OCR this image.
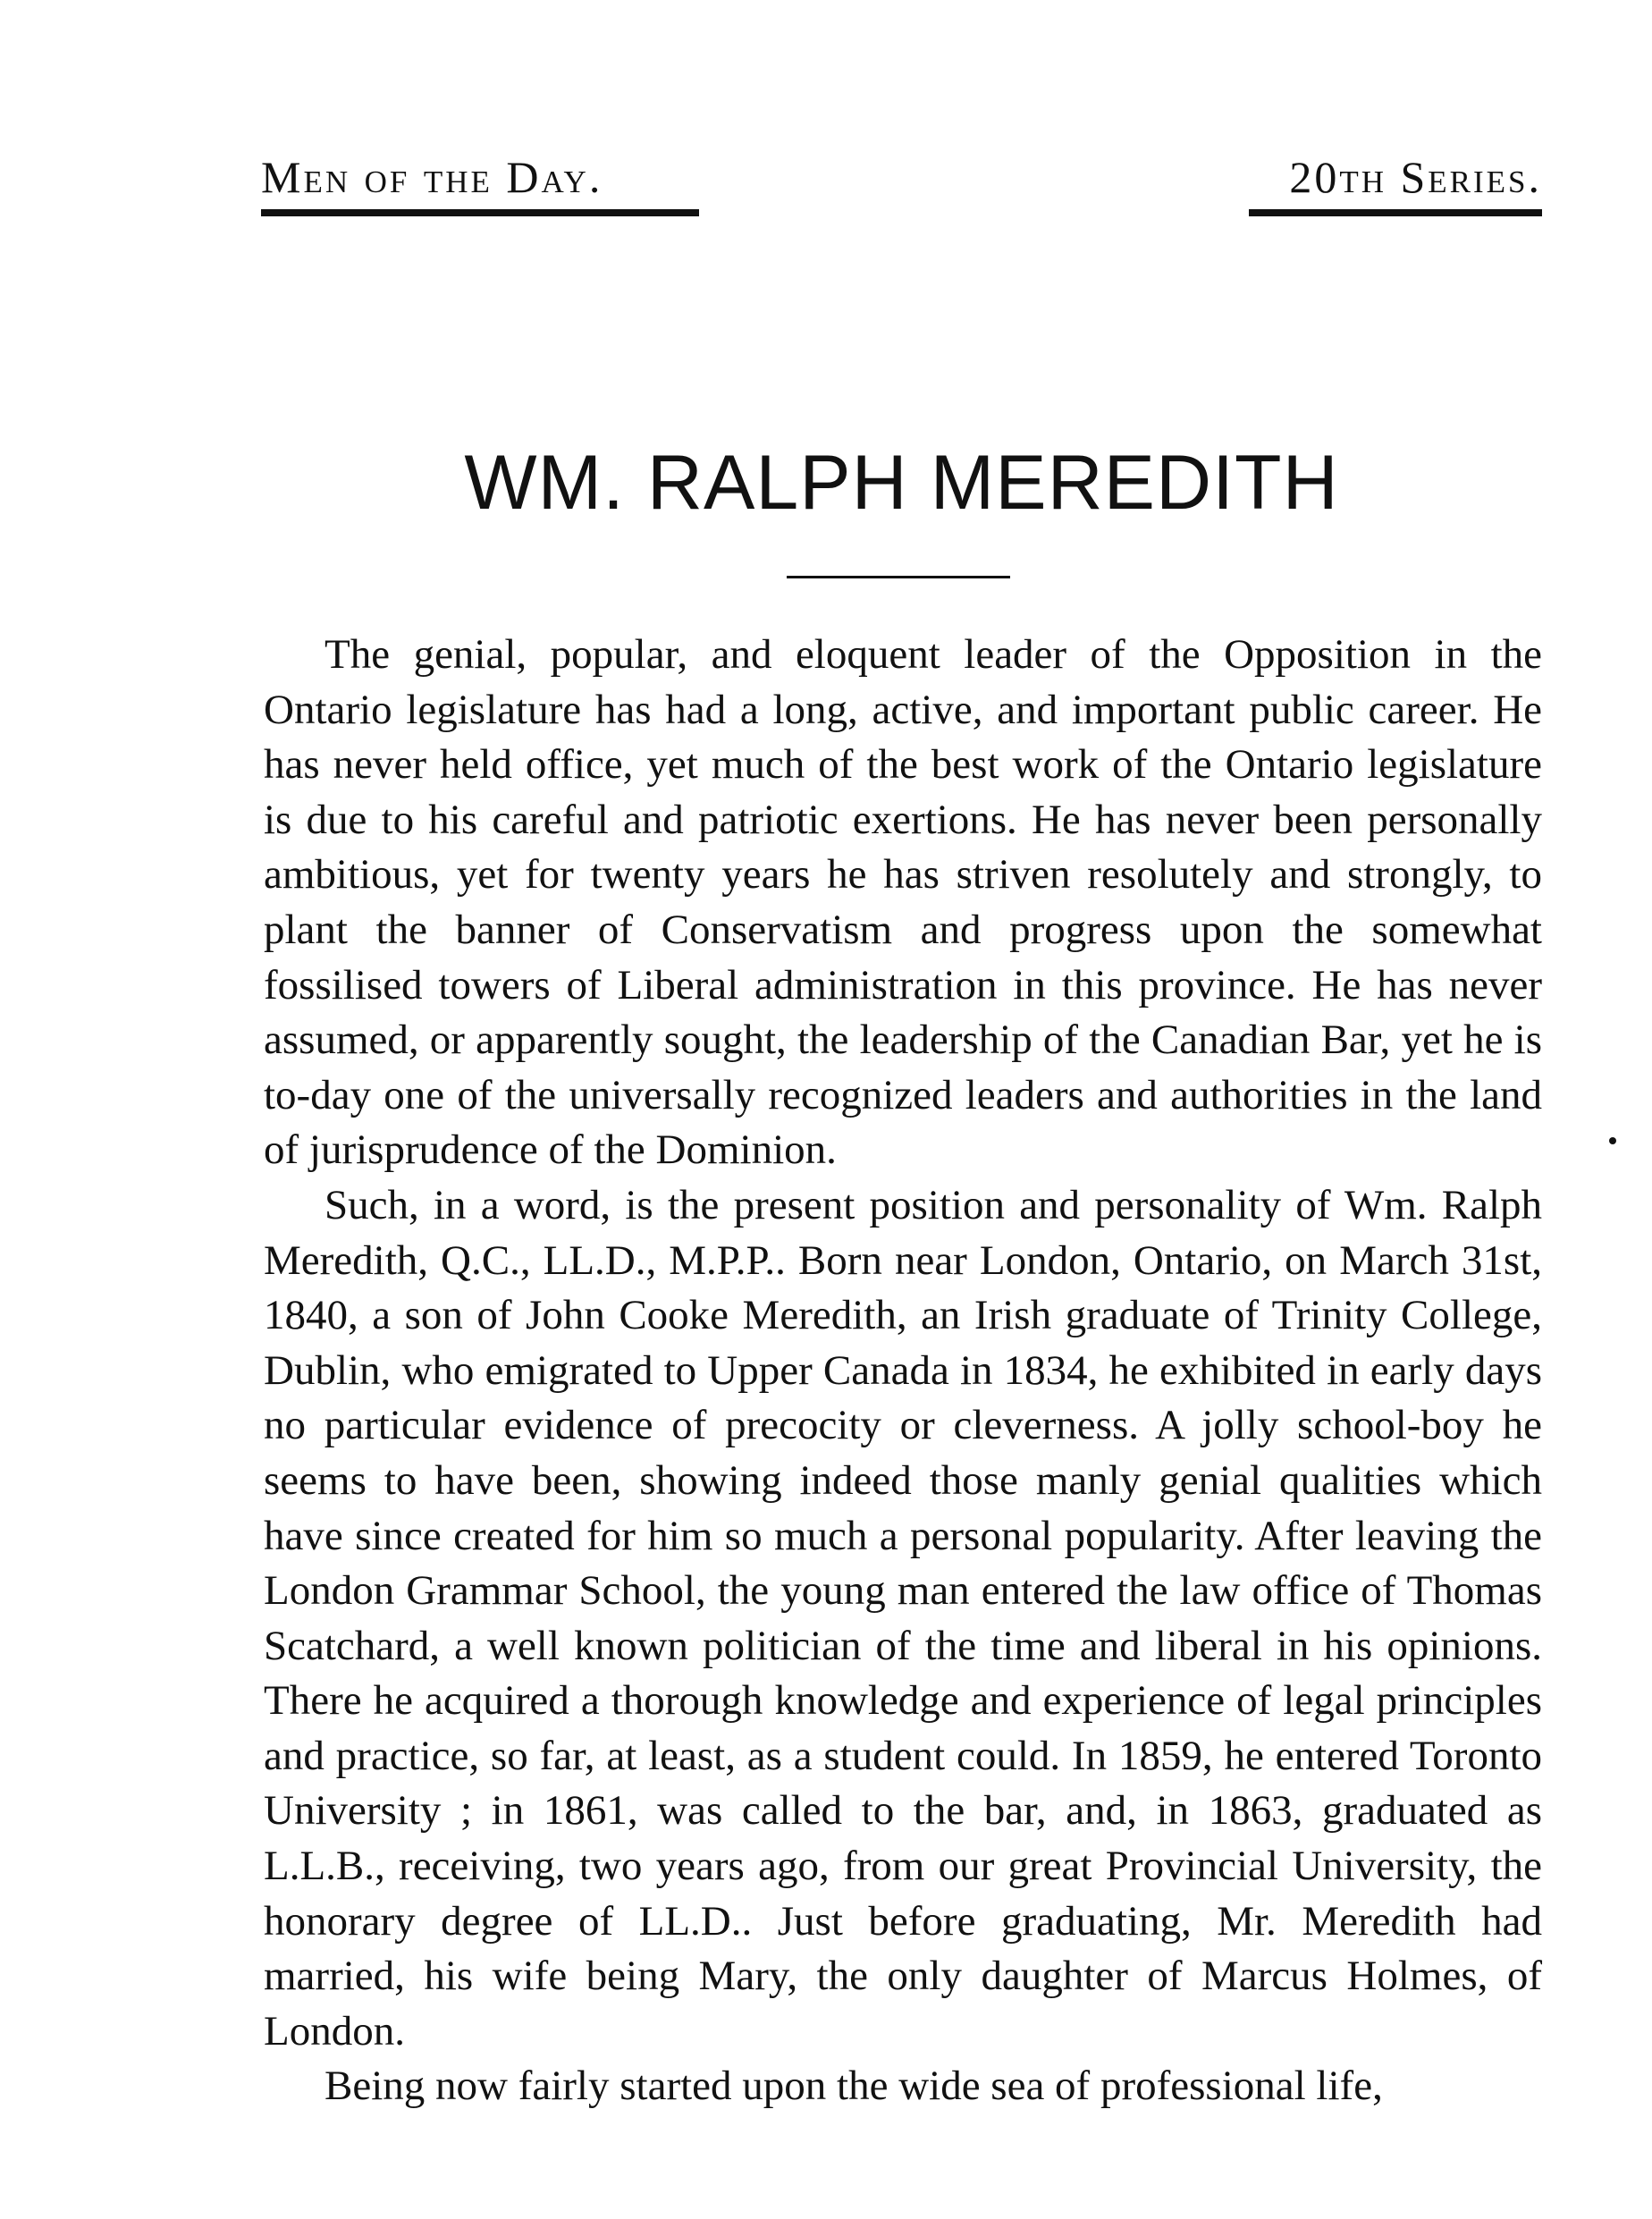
Men of the Day.	20th Series.
WM. RALPH MEREDITH

The genial, popular, and eloquent leader of the Opposition in the Ontario legislature has had a long, active, and important public career. He has never held office, yet much of the best work of the Ontario legislature is due to his careful and patriotic exertions. He has never been personally ambitious, yet for twenty years he has striven resolutely and strongly, to plant the banner of Conservatism and progress upon the somewhat fossilised towers of Liberal administration in this province. He has never assumed, or apparently sought, the leadership of the Canadian Bar, yet he is to-day one of the universally recognized leaders and authorities in the land of jurisprudence of the Dominion.

Such, in a word, is the present position and personality of Wm. Ralph Meredith, Q.C., LL.D., M.P.P.. Born near London, Ontario, on March 31st, 1840, a son of John Cooke Meredith, an Irish graduate of Trinity College, Dublin, who emigrated to Upper Canada in 1834, he exhibited in early days no particular evidence of precocity or cleverness. A jolly school-boy he seems to have been, showing indeed those manly genial qualities which have since created for him so much a personal popularity. After leaving the London Grammar School, the young man entered the law office of Thomas Scatchard, a well known politician of the time and liberal in his opinions. There he acquired a thorough knowledge and experience of legal principles and practice, so far, at least, as a student could. In 1859, he entered Toronto University ; in 1861, was called to the bar, and, in 1863, graduated as L.L.B., receiving, two years ago, from our great Provincial University, the honorary degree of LL.D.. Just before graduating, Mr. Meredith had married, his wife being Mary, the only daughter of Marcus Holmes, of London.

Being now fairly started upon the wide sea of professional life,
